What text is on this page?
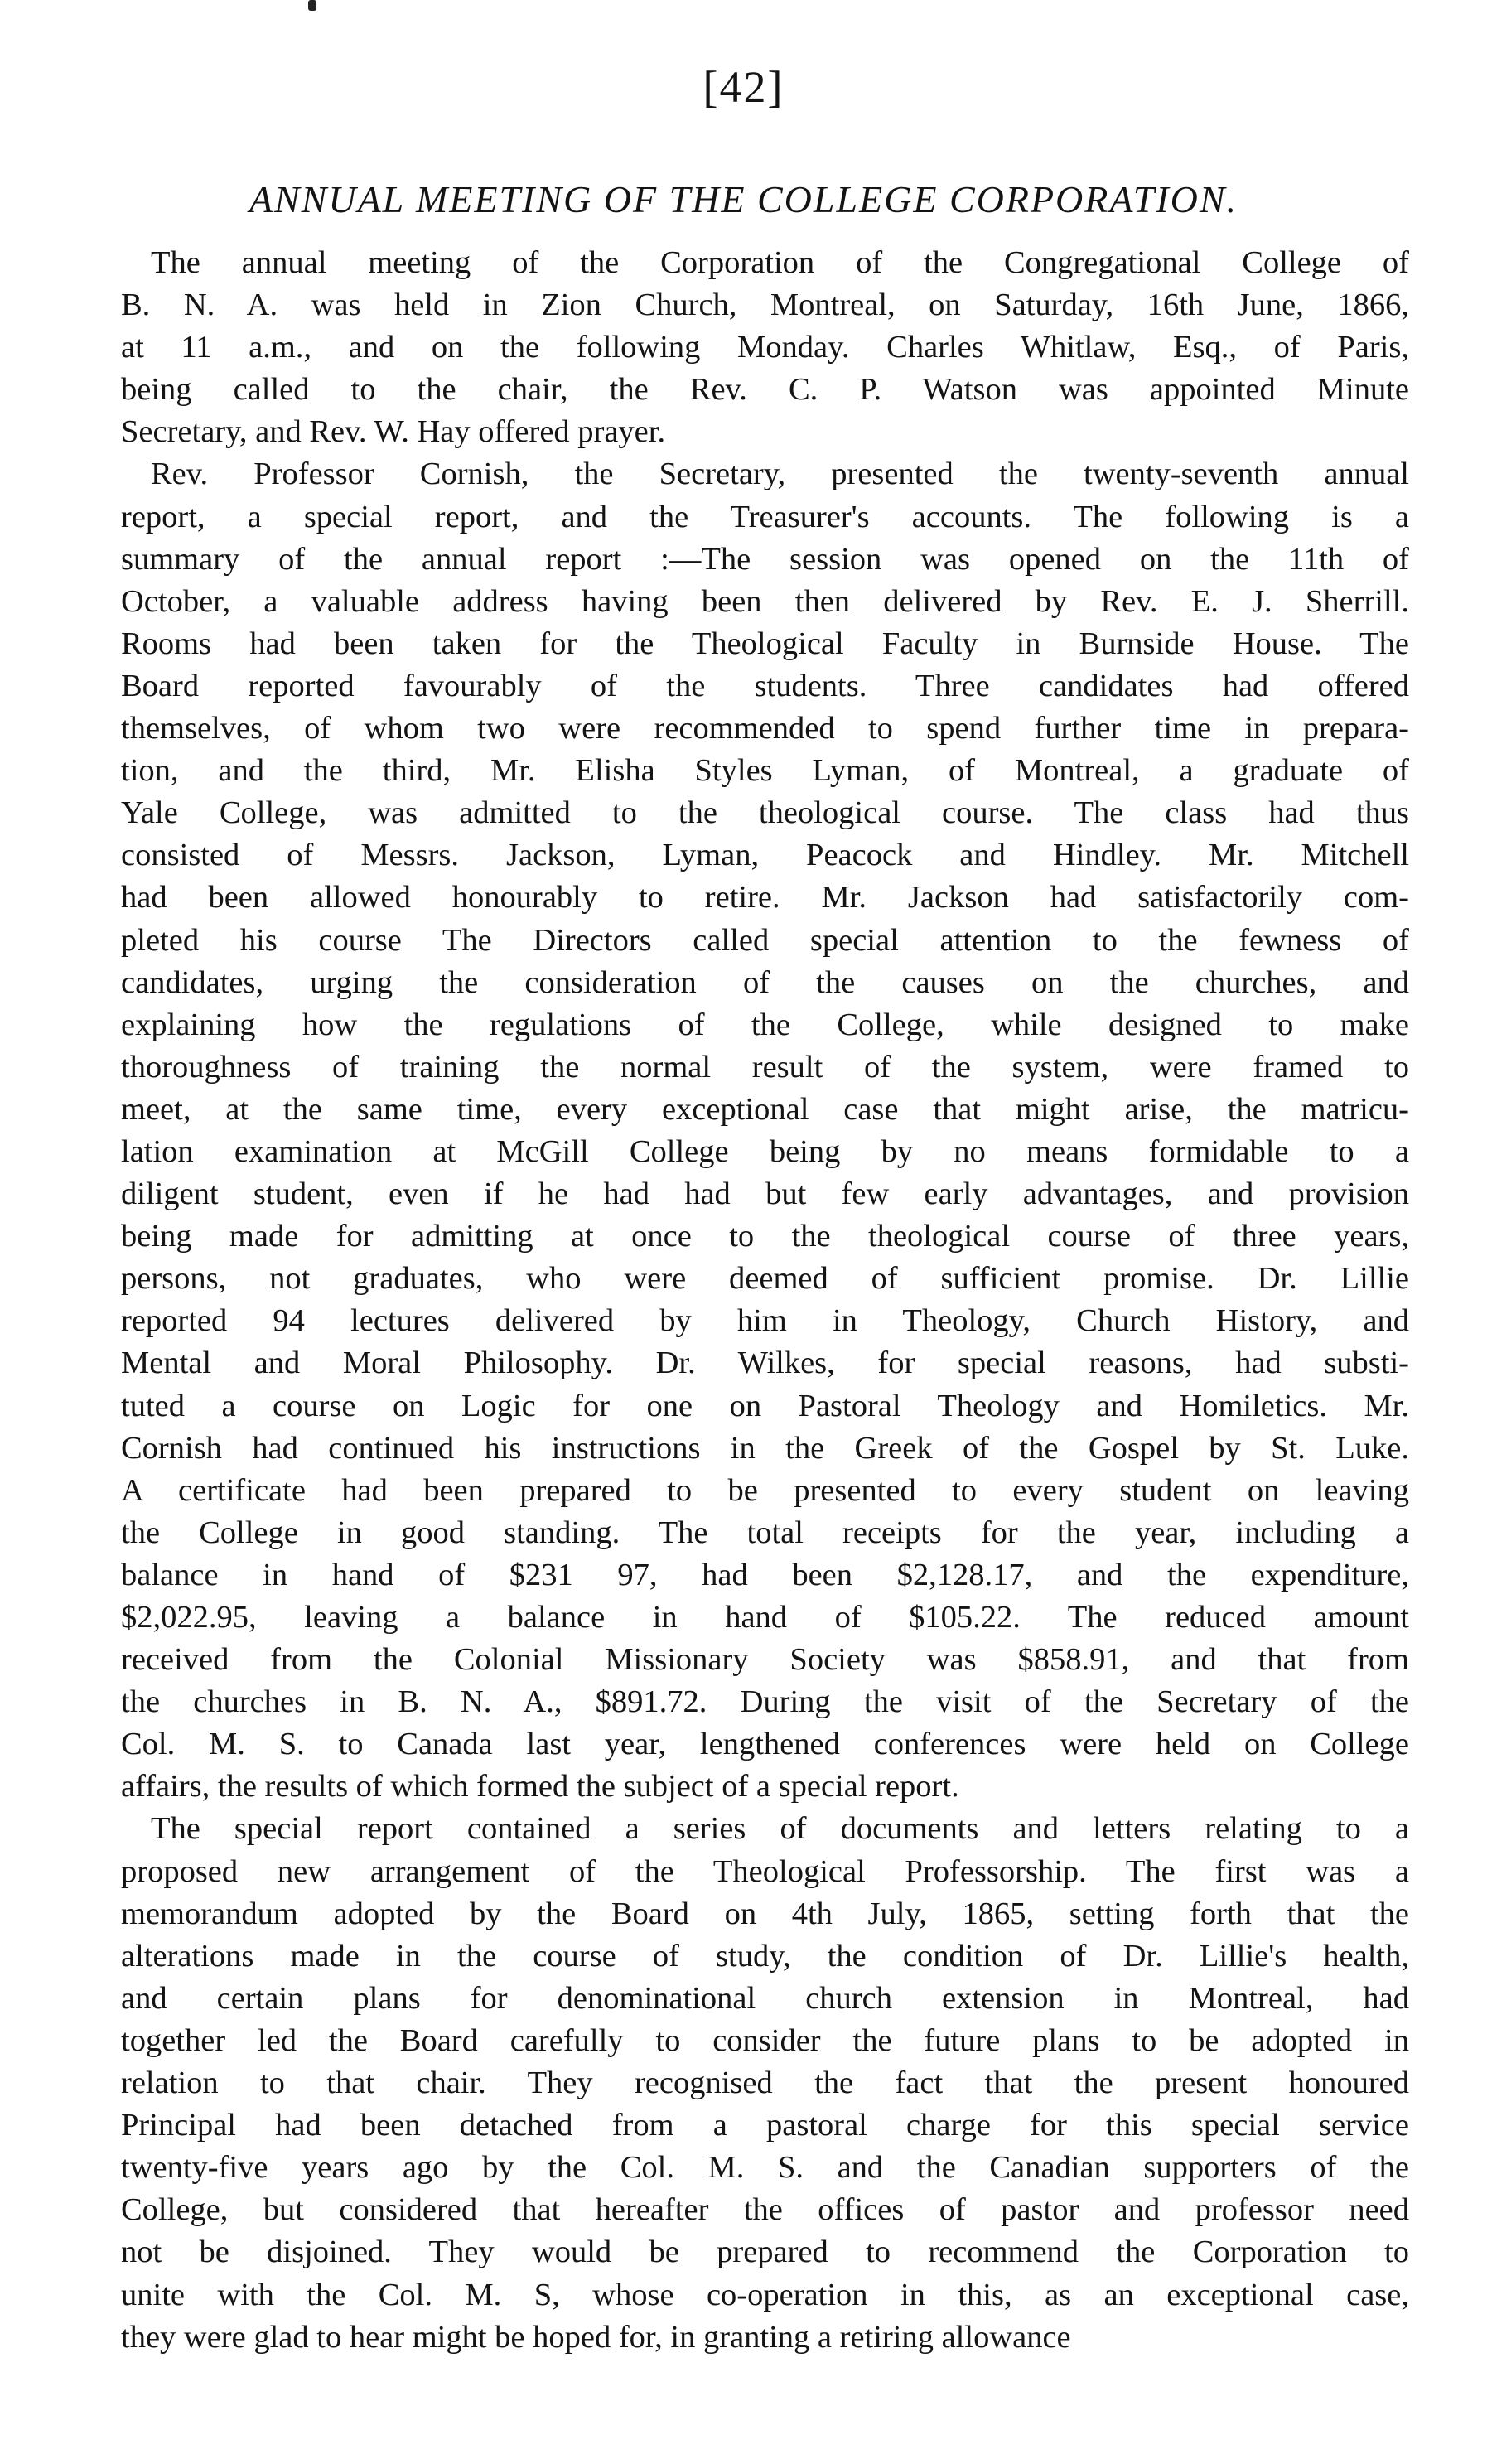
[42]
ANNUAL MEETING OF THE COLLEGE CORPORATION.
The annual meeting of the Corporation of the Congregational College of
B. N. A. was held in Zion Church, Montreal, on Saturday, 16th June, 1866,
at 11 a.m., and on the following Monday. Charles Whitlaw, Esq., of Paris,
being called to the chair, the Rev. C. P. Watson was appointed Minute
Secretary, and Rev. W. Hay offered prayer.
Rev. Professor Cornish, the Secretary, presented the twenty-seventh annual
report, a special report, and the Treasurer's accounts. The following is a
summary of the annual report :—The session was opened on the 11th of
October, a valuable address having been then delivered by Rev. E. J. Sherrill.
Rooms had been taken for the Theological Faculty in Burnside House. The
Board reported favourably of the students. Three candidates had offered
themselves, of whom two were recommended to spend further time in prepara-
tion, and the third, Mr. Elisha Styles Lyman, of Montreal, a graduate of
Yale College, was admitted to the theological course. The class had thus
consisted of Messrs. Jackson, Lyman, Peacock and Hindley. Mr. Mitchell
had been allowed honourably to retire. Mr. Jackson had satisfactorily com-
pleted his course The Directors called special attention to the fewness of
candidates, urging the consideration of the causes on the churches, and
explaining how the regulations of the College, while designed to make
thoroughness of training the normal result of the system, were framed to
meet, at the same time, every exceptional case that might arise, the matricu-
lation examination at McGill College being by no means formidable to a
diligent student, even if he had had but few early advantages, and provision
being made for admitting at once to the theological course of three years,
persons, not graduates, who were deemed of sufficient promise. Dr. Lillie
reported 94 lectures delivered by him in Theology, Church History, and
Mental and Moral Philosophy. Dr. Wilkes, for special reasons, had substi-
tuted a course on Logic for one on Pastoral Theology and Homiletics. Mr.
Cornish had continued his instructions in the Greek of the Gospel by St. Luke.
A certificate had been prepared to be presented to every student on leaving
the College in good standing. The total receipts for the year, including a
balance in hand of $231 97, had been $2,128.17, and the expenditure,
$2,022.95, leaving a balance in hand of $105.22. The reduced amount
received from the Colonial Missionary Society was $858.91, and that from
the churches in B. N. A., $891.72. During the visit of the Secretary of the
Col. M. S. to Canada last year, lengthened conferences were held on College
affairs, the results of which formed the subject of a special report.
The special report contained a series of documents and letters relating to a
proposed new arrangement of the Theological Professorship. The first was a
memorandum adopted by the Board on 4th July, 1865, setting forth that the
alterations made in the course of study, the condition of Dr. Lillie's health,
and certain plans for denominational church extension in Montreal, had
together led the Board carefully to consider the future plans to be adopted in
relation to that chair. They recognised the fact that the present honoured
Principal had been detached from a pastoral charge for this special service
twenty-five years ago by the Col. M. S. and the Canadian supporters of the
College, but considered that hereafter the offices of pastor and professor need
not be disjoined. They would be prepared to recommend the Corporation to
unite with the Col. M. S, whose co-operation in this, as an exceptional case,
they were glad to hear might be hoped for, in granting a retiring allowance
